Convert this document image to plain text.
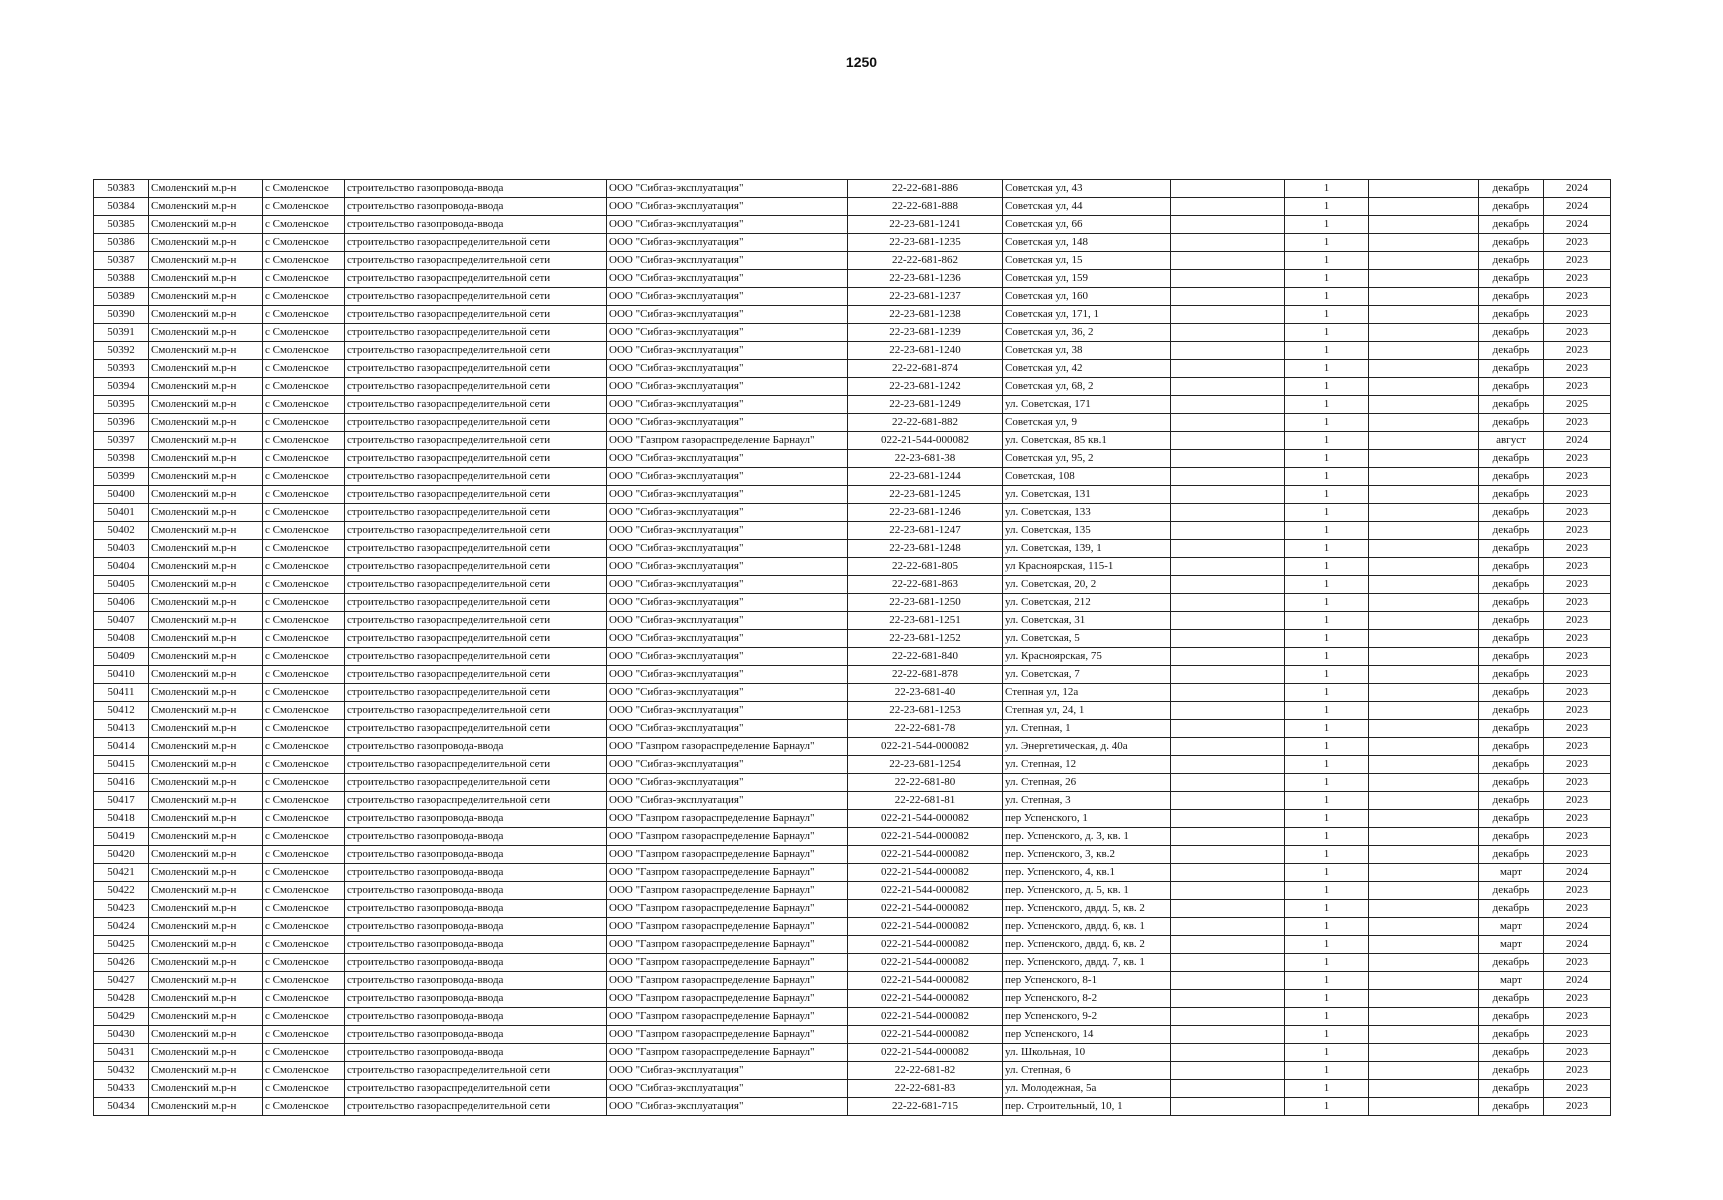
1250
50383	Смоленский м.р-н	с Смоленское	строительство газопровода-ввода	ООО "Сибгаз-эксплуатация"	22-22-681-886	Советская ул, 43		1		декабрь	2024
50384	Смоленский м.р-н	с Смоленское	строительство газопровода-ввода	ООО "Сибгаз-эксплуатация"	22-22-681-888	Советская ул, 44		1		декабрь	2024
50385	Смоленский м.р-н	с Смоленское	строительство газопровода-ввода	ООО "Сибгаз-эксплуатация"	22-23-681-1241	Советская ул, 66		1		декабрь	2024
50386	Смоленский м.р-н	с Смоленское	строительство газораспределительной сети	ООО "Сибгаз-эксплуатация"	22-23-681-1235	Советская ул, 148		1		декабрь	2023
50387	Смоленский м.р-н	с Смоленское	строительство газораспределительной сети	ООО "Сибгаз-эксплуатация"	22-22-681-862	Советская ул, 15		1		декабрь	2023
50388	Смоленский м.р-н	с Смоленское	строительство газораспределительной сети	ООО "Сибгаз-эксплуатация"	22-23-681-1236	Советская ул, 159		1		декабрь	2023
50389	Смоленский м.р-н	с Смоленское	строительство газораспределительной сети	ООО "Сибгаз-эксплуатация"	22-23-681-1237	Советская ул, 160		1		декабрь	2023
50390	Смоленский м.р-н	с Смоленское	строительство газораспределительной сети	ООО "Сибгаз-эксплуатация"	22-23-681-1238	Советская ул, 171, 1		1		декабрь	2023
50391	Смоленский м.р-н	с Смоленское	строительство газораспределительной сети	ООО "Сибгаз-эксплуатация"	22-23-681-1239	Советская ул, 36, 2		1		декабрь	2023
50392	Смоленский м.р-н	с Смоленское	строительство газораспределительной сети	ООО "Сибгаз-эксплуатация"	22-23-681-1240	Советская ул, 38		1		декабрь	2023
50393	Смоленский м.р-н	с Смоленское	строительство газораспределительной сети	ООО "Сибгаз-эксплуатация"	22-22-681-874	Советская ул, 42		1		декабрь	2023
50394	Смоленский м.р-н	с Смоленское	строительство газораспределительной сети	ООО "Сибгаз-эксплуатация"	22-23-681-1242	Советская ул, 68, 2		1		декабрь	2023
50395	Смоленский м.р-н	с Смоленское	строительство газораспределительной сети	ООО "Сибгаз-эксплуатация"	22-23-681-1249	ул. Советская, 171		1		декабрь	2025
50396	Смоленский м.р-н	с Смоленское	строительство газораспределительной сети	ООО "Сибгаз-эксплуатация"	22-22-681-882	Советская ул, 9		1		декабрь	2023
50397	Смоленский м.р-н	с Смоленское	строительство газораспределительной сети	ООО "Газпром газораспределение Барнаул"	022-21-544-000082	ул. Советская, 85 кв.1		1		август	2024
50398	Смоленский м.р-н	с Смоленское	строительство газораспределительной сети	ООО "Сибгаз-эксплуатация"	22-23-681-38	Советская ул, 95, 2		1		декабрь	2023
50399	Смоленский м.р-н	с Смоленское	строительство газораспределительной сети	ООО "Сибгаз-эксплуатация"	22-23-681-1244	Советская, 108		1		декабрь	2023
50400	Смоленский м.р-н	с Смоленское	строительство газораспределительной сети	ООО "Сибгаз-эксплуатация"	22-23-681-1245	ул. Советская, 131		1		декабрь	2023
50401	Смоленский м.р-н	с Смоленское	строительство газораспределительной сети	ООО "Сибгаз-эксплуатация"	22-23-681-1246	ул. Советская, 133		1		декабрь	2023
50402	Смоленский м.р-н	с Смоленское	строительство газораспределительной сети	ООО "Сибгаз-эксплуатация"	22-23-681-1247	ул. Советская, 135		1		декабрь	2023
50403	Смоленский м.р-н	с Смоленское	строительство газораспределительной сети	ООО "Сибгаз-эксплуатация"	22-23-681-1248	ул. Советская, 139, 1		1		декабрь	2023
50404	Смоленский м.р-н	с Смоленское	строительство газораспределительной сети	ООО "Сибгаз-эксплуатация"	22-22-681-805	ул Красноярская, 115-1		1		декабрь	2023
50405	Смоленский м.р-н	с Смоленское	строительство газораспределительной сети	ООО "Сибгаз-эксплуатация"	22-22-681-863	ул. Советская, 20, 2		1		декабрь	2023
50406	Смоленский м.р-н	с Смоленское	строительство газораспределительной сети	ООО "Сибгаз-эксплуатация"	22-23-681-1250	ул. Советская, 212		1		декабрь	2023
50407	Смоленский м.р-н	с Смоленское	строительство газораспределительной сети	ООО "Сибгаз-эксплуатация"	22-23-681-1251	ул. Советская, 31		1		декабрь	2023
50408	Смоленский м.р-н	с Смоленское	строительство газораспределительной сети	ООО "Сибгаз-эксплуатация"	22-23-681-1252	ул. Советская, 5		1		декабрь	2023
50409	Смоленский м.р-н	с Смоленское	строительство газораспределительной сети	ООО "Сибгаз-эксплуатация"	22-22-681-840	ул. Красноярская, 75		1		декабрь	2023
50410	Смоленский м.р-н	с Смоленское	строительство газораспределительной сети	ООО "Сибгаз-эксплуатация"	22-22-681-878	ул. Советская, 7		1		декабрь	2023
50411	Смоленский м.р-н	с Смоленское	строительство газораспределительной сети	ООО "Сибгаз-эксплуатация"	22-23-681-40	Степная ул, 12а		1		декабрь	2023
50412	Смоленский м.р-н	с Смоленское	строительство газораспределительной сети	ООО "Сибгаз-эксплуатация"	22-23-681-1253	Степная ул, 24, 1		1		декабрь	2023
50413	Смоленский м.р-н	с Смоленское	строительство газораспределительной сети	ООО "Сибгаз-эксплуатация"	22-22-681-78	ул. Степная, 1		1		декабрь	2023
50414	Смоленский м.р-н	с Смоленское	строительство газопровода-ввода	ООО "Газпром газораспределение Барнаул"	022-21-544-000082	ул. Энергетическая, д. 40а		1		декабрь	2023
50415	Смоленский м.р-н	с Смоленское	строительство газораспределительной сети	ООО "Сибгаз-эксплуатация"	22-23-681-1254	ул. Степная, 12		1		декабрь	2023
50416	Смоленский м.р-н	с Смоленское	строительство газораспределительной сети	ООО "Сибгаз-эксплуатация"	22-22-681-80	ул. Степная, 26		1		декабрь	2023
50417	Смоленский м.р-н	с Смоленское	строительство газораспределительной сети	ООО "Сибгаз-эксплуатация"	22-22-681-81	ул. Степная, 3		1		декабрь	2023
50418	Смоленский м.р-н	с Смоленское	строительство газопровода-ввода	ООО "Газпром газораспределение Барнаул"	022-21-544-000082	пер Успенского, 1		1		декабрь	2023
50419	Смоленский м.р-н	с Смоленское	строительство газопровода-ввода	ООО "Газпром газораспределение Барнаул"	022-21-544-000082	пер. Успенского, д. 3, кв. 1		1		декабрь	2023
50420	Смоленский м.р-н	с Смоленское	строительство газопровода-ввода	ООО "Газпром газораспределение Барнаул"	022-21-544-000082	пер. Успенского, 3, кв.2		1		декабрь	2023
50421	Смоленский м.р-н	с Смоленское	строительство газопровода-ввода	ООО "Газпром газораспределение Барнаул"	022-21-544-000082	пер. Успенского, 4, кв.1		1		март	2024
50422	Смоленский м.р-н	с Смоленское	строительство газопровода-ввода	ООО "Газпром газораспределение Барнаул"	022-21-544-000082	пер. Успенского, д. 5, кв. 1		1		декабрь	2023
50423	Смоленский м.р-н	с Смоленское	строительство газопровода-ввода	ООО "Газпром газораспределение Барнаул"	022-21-544-000082	пер. Успенского, двдд. 5, кв. 2		1		декабрь	2023
50424	Смоленский м.р-н	с Смоленское	строительство газопровода-ввода	ООО "Газпром газораспределение Барнаул"	022-21-544-000082	пер. Успенского, двдд. 6, кв. 1		1		март	2024
50425	Смоленский м.р-н	с Смоленское	строительство газопровода-ввода	ООО "Газпром газораспределение Барнаул"	022-21-544-000082	пер. Успенского, двдд. 6, кв. 2		1		март	2024
50426	Смоленский м.р-н	с Смоленское	строительство газопровода-ввода	ООО "Газпром газораспределение Барнаул"	022-21-544-000082	пер. Успенского, двдд. 7, кв. 1		1		декабрь	2023
50427	Смоленский м.р-н	с Смоленское	строительство газопровода-ввода	ООО "Газпром газораспределение Барнаул"	022-21-544-000082	пер Успенского, 8-1		1		март	2024
50428	Смоленский м.р-н	с Смоленское	строительство газопровода-ввода	ООО "Газпром газораспределение Барнаул"	022-21-544-000082	пер Успенского, 8-2		1		декабрь	2023
50429	Смоленский м.р-н	с Смоленское	строительство газопровода-ввода	ООО "Газпром газораспределение Барнаул"	022-21-544-000082	пер Успенского, 9-2		1		декабрь	2023
50430	Смоленский м.р-н	с Смоленское	строительство газопровода-ввода	ООО "Газпром газораспределение Барнаул"	022-21-544-000082	пер Успенского, 14		1		декабрь	2023
50431	Смоленский м.р-н	с Смоленское	строительство газопровода-ввода	ООО "Газпром газораспределение Барнаул"	022-21-544-000082	ул. Школьная, 10		1		декабрь	2023
50432	Смоленский м.р-н	с Смоленское	строительство газораспределительной сети	ООО "Сибгаз-эксплуатация"	22-22-681-82	ул. Степная, 6		1		декабрь	2023
50433	Смоленский м.р-н	с Смоленское	строительство газораспределительной сети	ООО "Сибгаз-эксплуатация"	22-22-681-83	ул. Молодежная, 5а		1		декабрь	2023
50434	Смоленский м.р-н	с Смоленское	строительство газораспределительной сети	ООО "Сибгаз-эксплуатация"	22-22-681-715	пер. Строительный, 10, 1		1		декабрь	2023
